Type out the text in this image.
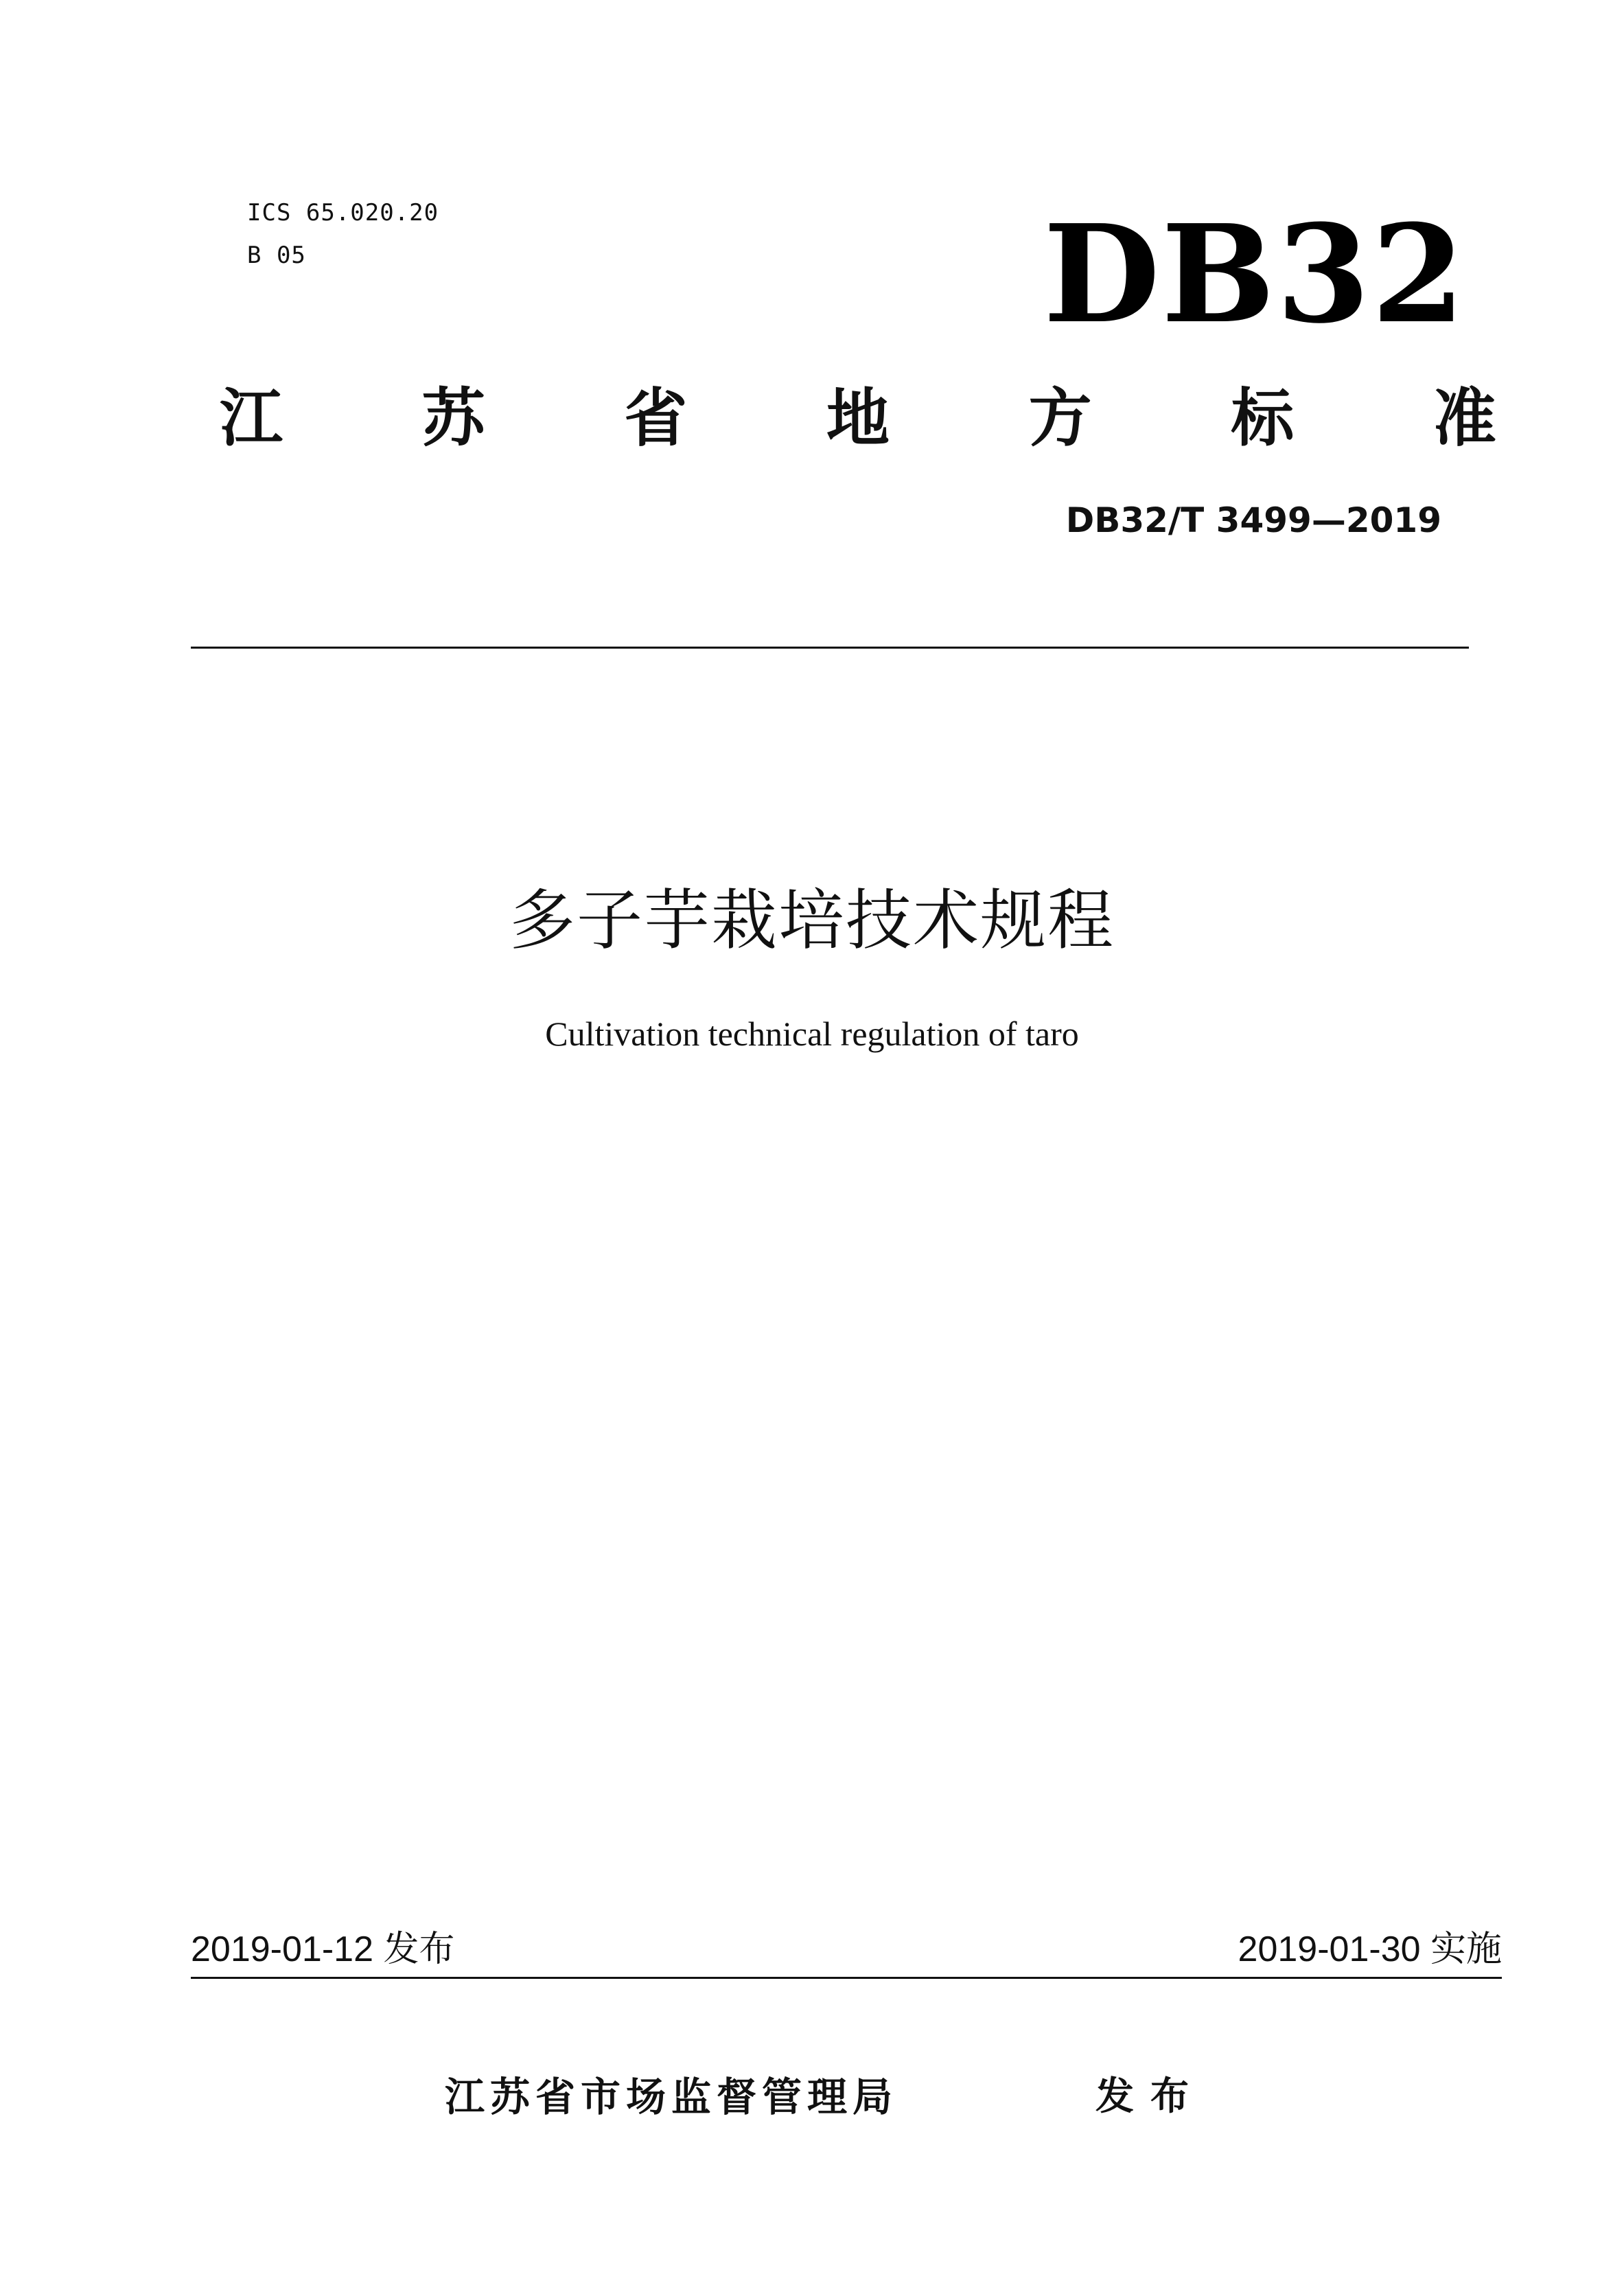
ICS 65.020.20
B 05	DB32
江 苏 省 地 方 标 准
DB32/T 3499—2019
多子芋栽培技术规程
Cultivation technical regulation of taro
2019-01-12 发布	2019-01-30 实施
江苏省市场监督管理局	发布
